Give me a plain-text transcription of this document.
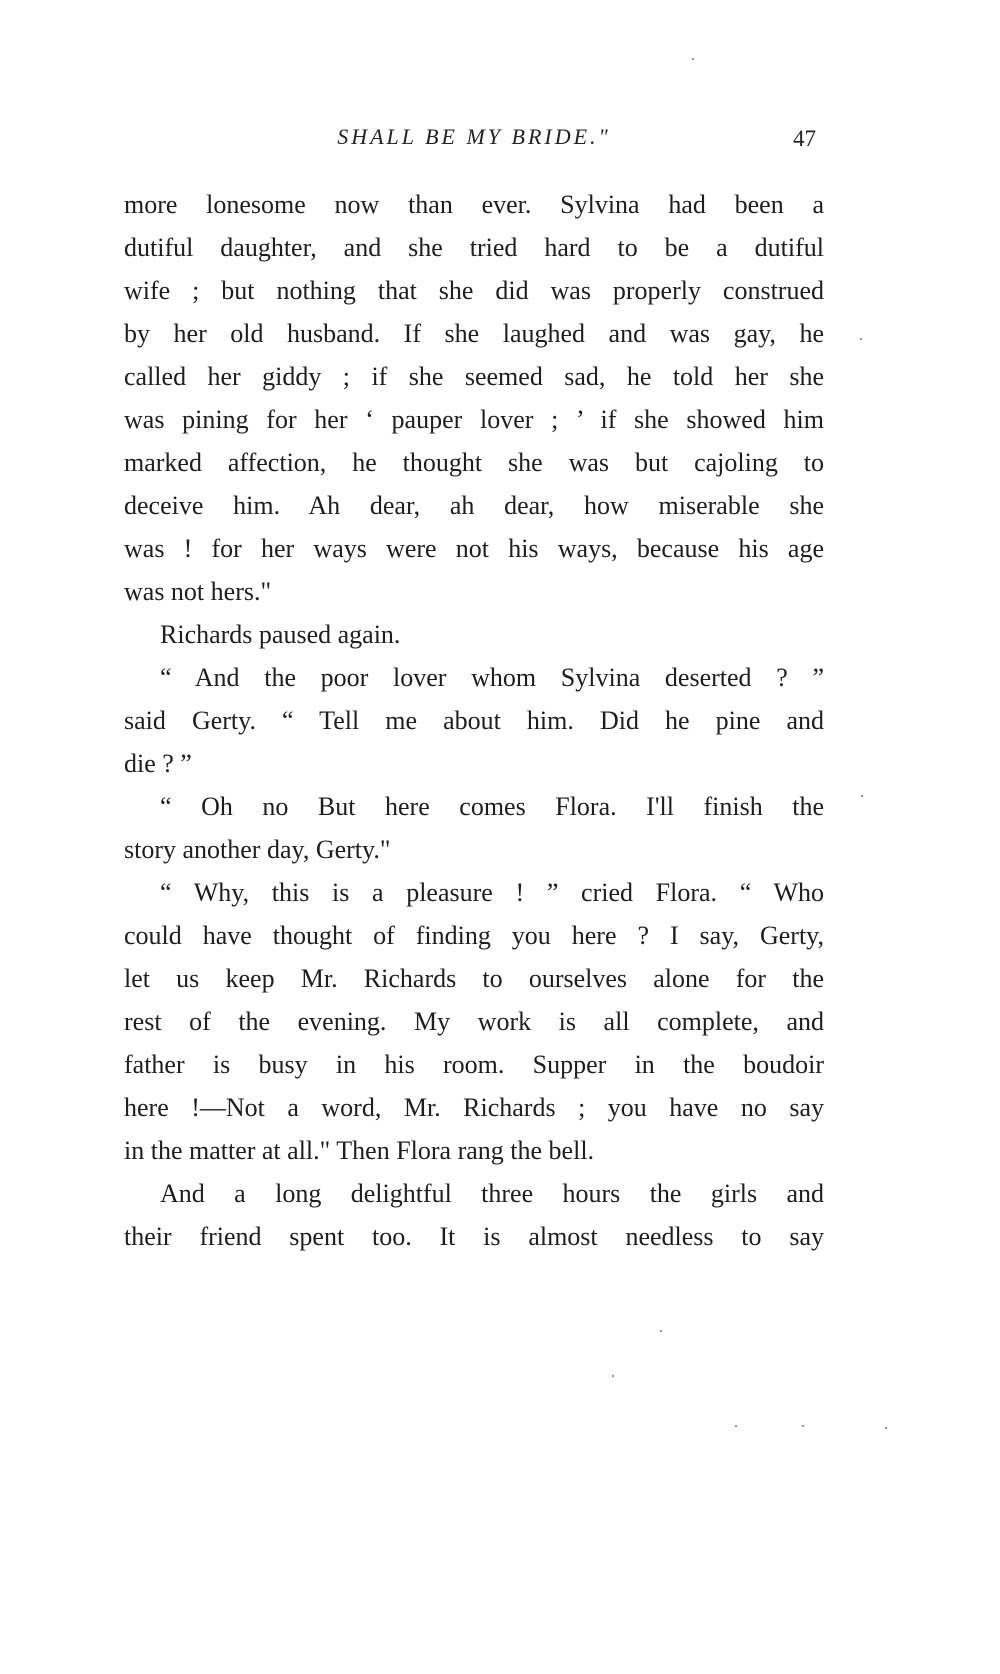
SHALL BE MY BRIDE."	47
more lonesome now than ever. Sylvina had been a
dutiful daughter, and she tried hard to be a dutiful
wife ; but nothing that she did was properly construed
by her old husband. If she laughed and was gay, he
called her giddy ; if she seemed sad, he told her she
was pining for her ‘ pauper lover ; ’ if she showed him
marked affection, he thought she was but cajoling to
deceive him. Ah dear, ah dear, how miserable she
was ! for her ways were not his ways, because his age
was not hers."
Richards paused again.
“ And the poor lover whom Sylvina deserted ? ”
said Gerty. “ Tell me about him. Did he pine and
die ? ”
“ Oh no But here comes Flora. I'll finish the
story another day, Gerty."
“ Why, this is a pleasure ! ” cried Flora. “ Who
could have thought of finding you here ? I say, Gerty,
let us keep Mr. Richards to ourselves alone for the
rest of the evening. My work is all complete, and
father is busy in his room. Supper in the boudoir
here !—Not a word, Mr. Richards ; you have no say
in the matter at all." Then Flora rang the bell.
And a long delightful three hours the girls and
their friend spent too. It is almost needless to say
